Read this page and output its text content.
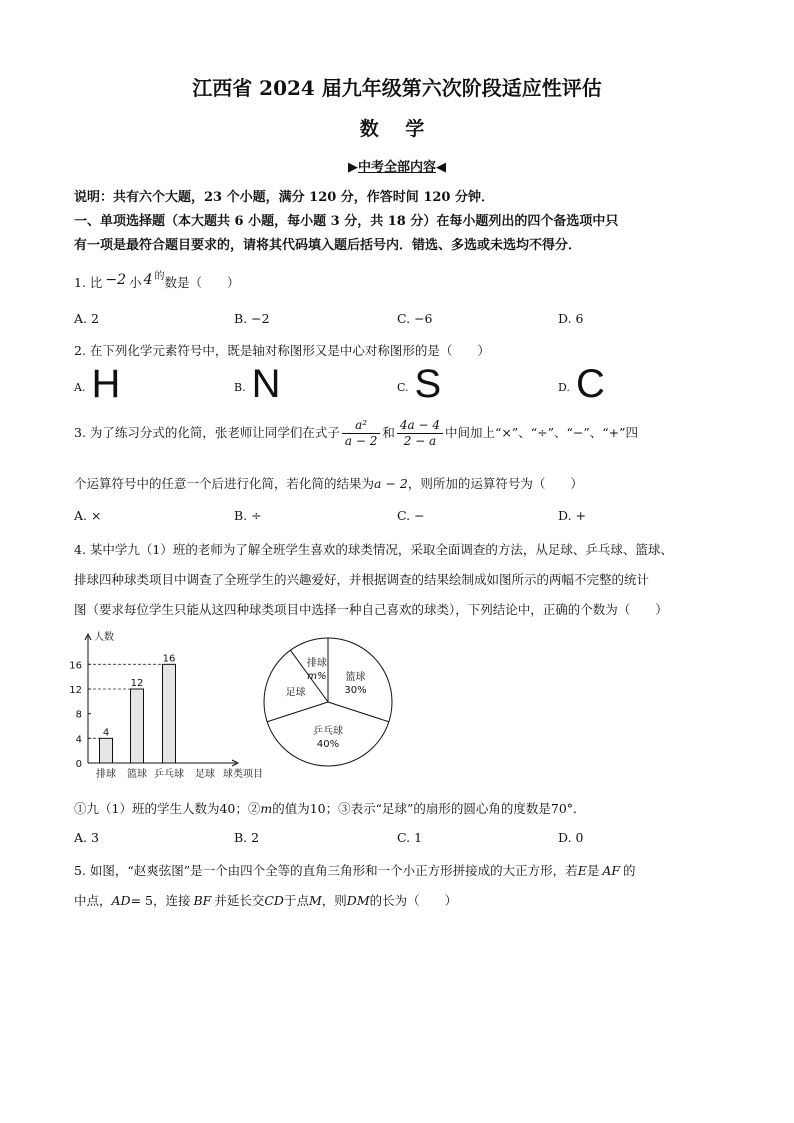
江西省 2024 届九年级第六次阶段适应性评估
数 学
▶中考全部内容◀
说明：共有六个大题，23 个小题，满分 120 分，作答时间 120 分钟．
一、单项选择题（本大题共 6 小题，每小题 3 分，共 18 分）在每小题列出的四个备选项中只
有一项是最符合题目要求的，请将其代码填入题后括号内．错选、多选或未选均不得分．
1. 比 −2 小 4 $^的$数是（　　）
A. 2	B. −2	C. −6	D. 6
2. 在下列化学元素符号中，既是轴对称图形又是中心对称图形的是（　　）
A. H	B. N	C. S	D. C
3. 为了练习分式的化简，张老师让同学们在式子 $\frac{\text{a²}}{a - 2}$ 和 $\frac{4a - 4}{2 - a}$ 中间加上“×”、“÷”、“−”、“+”四
个运算符号中的任意一个后进行化简，若化简的结果为a − 2，则所加的运算符号为（　　）
A. ×	B. ÷	C. −	D. +
4. 某中学九（1）班的老师为了解全班学生喜欢的球类情况，采取全面调查的方法，从足球、乒乓球、篮球、
排球四种球类项目中调查了全班学生的兴趣爱好，并根据调查的结果绘制成如图所示的两幅不完整的统计
图（要求每位学生只能从这四种球类项目中选择一种自己喜欢的球类），下列结论中，正确的个数为（　　）
人数
0
4
8
12
16
4
排球
12
篮球
16
乒乓球 足球 球类项目
篮球
30%
乒乓球
40%
足球
排球
m%
①九（1）班的学生人数为40；②m的值为10；③表示“足球”的扇形的圆心角的度数是70°．
A. 3	B. 2	C. 1	D. 0
5. 如图，“赵爽弦图”是一个由四个全等的直角三角形和一个小正方形拼接成的大正方形，若E是 AF 的
中点，AD= 5，连接 BF 并延长交CD于点M，则DM的长为（　　）
